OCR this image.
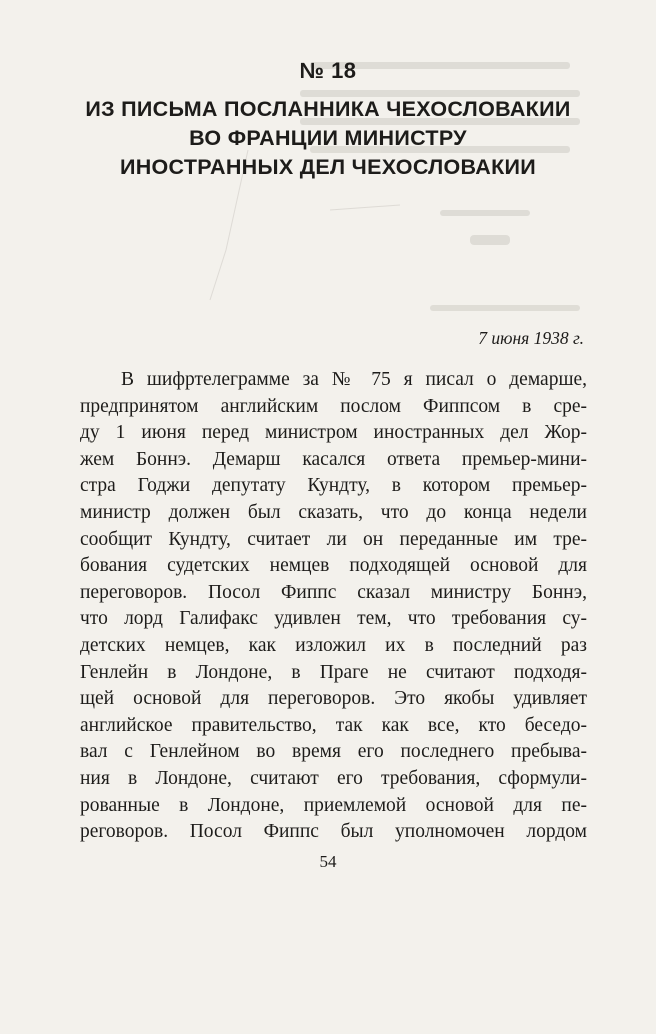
№ 18
ИЗ ПИСЬМА ПОСЛАННИКА ЧЕХОСЛОВАКИИ
ВО ФРАНЦИИ МИНИСТРУ
ИНОСТРАННЫХ ДЕЛ ЧЕХОСЛОВАКИИ
7 июня 1938 г.
В шифртелеграмме за № 75 я писал о демарше,
предпринятом английским послом Фиппсом в сре-
ду 1 июня перед министром иностранных дел Жор-
жем Боннэ. Демарш касался ответа премьер-мини-
стра Годжи депутату Кундту, в котором премьер-
министр должен был сказать, что до конца недели
сообщит Кундту, считает ли он переданные им тре-
бования судетских немцев подходящей основой для
переговоров. Посол Фиппс сказал министру Боннэ,
что лорд Галифакс удивлен тем, что требования су-
детских немцев, как изложил их в последний раз
Генлейн в Лондоне, в Праге не считают подходя-
щей основой для переговоров. Это якобы удивляет
английское правительство, так как все, кто беседо-
вал с Генлейном во время его последнего пребыва-
ния в Лондоне, считают его требования, сформули-
рованные в Лондоне, приемлемой основой для пе-
реговоров. Посол Фиппс был уполномочен лордом
54
